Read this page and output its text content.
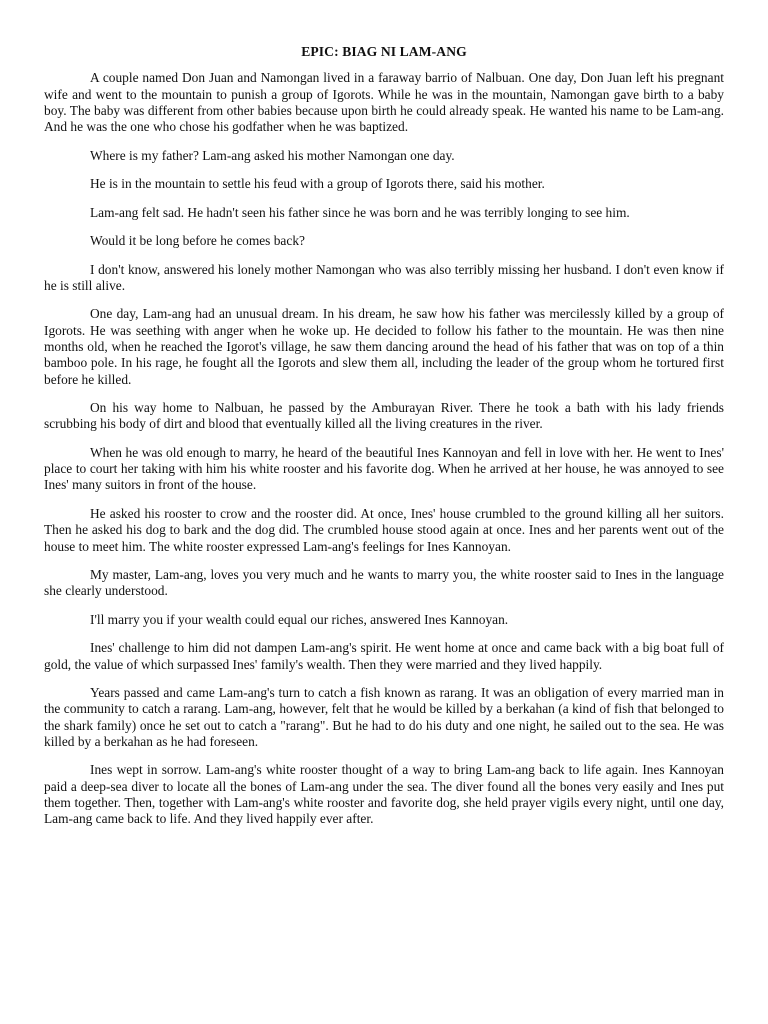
EPIC: BIAG NI LAM-ANG

A couple named Don Juan and Namongan lived in a faraway barrio of Nalbuan. One day, Don Juan left his pregnant wife and went to the mountain to punish a group of Igorots. While he was in the mountain, Namongan gave birth to a baby boy. The baby was different from other babies because upon birth he could already speak. He wanted his name to be Lam-ang. And he was the one who chose his godfather when he was baptized.

Where is my father? Lam-ang asked his mother Namongan one day.

He is in the mountain to settle his feud with a group of Igorots there, said his mother.

Lam-ang felt sad. He hadn't seen his father since he was born and he was terribly longing to see him.

Would it be long before he comes back?

I don't know, answered his lonely mother Namongan who was also terribly missing her husband. I don't even know if he is still alive.

One day, Lam-ang had an unusual dream. In his dream, he saw how his father was mercilessly killed by a group of Igorots. He was seething with anger when he woke up. He decided to follow his father to the mountain. He was then nine months old, when he reached the Igorot's village, he saw them dancing around the head of his father that was on top of a thin bamboo pole. In his rage, he fought all the Igorots and slew them all, including the leader of the group whom he tortured first before he killed.

On his way home to Nalbuan, he passed by the Amburayan River. There he took a bath with his lady friends scrubbing his body of dirt and blood that eventually killed all the living creatures in the river.

When he was old enough to marry, he heard of the beautiful Ines Kannoyan and fell in love with her. He went to Ines' place to court her taking with him his white rooster and his favorite dog. When he arrived at her house, he was annoyed to see Ines' many suitors in front of the house.

He asked his rooster to crow and the rooster did. At once, Ines' house crumbled to the ground killing all her suitors. Then he asked his dog to bark and the dog did. The crumbled house stood again at once. Ines and her parents went out of the house to meet him. The white rooster expressed Lam-ang's feelings for Ines Kannoyan.

My master, Lam-ang, loves you very much and he wants to marry you, the white rooster said to Ines in the language she clearly understood.

I'll marry you if your wealth could equal our riches, answered Ines Kannoyan.

Ines' challenge to him did not dampen Lam-ang's spirit. He went home at once and came back with a big boat full of gold, the value of which surpassed Ines' family's wealth. Then they were married and they lived happily.

Years passed and came Lam-ang's turn to catch a fish known as rarang. It was an obligation of every married man in the community to catch a rarang. Lam-ang, however, felt that he would be killed by a berkahan (a kind of fish that belonged to the shark family) once he set out to catch a "rarang". But he had to do his duty and one night, he sailed out to the sea. He was killed by a berkahan as he had foreseen.

Ines wept in sorrow. Lam-ang's white rooster thought of a way to bring Lam-ang back to life again. Ines Kannoyan paid a deep-sea diver to locate all the bones of Lam-ang under the sea. The diver found all the bones very easily and Ines put them together. Then, together with Lam-ang's white rooster and favorite dog, she held prayer vigils every night, until one day, Lam-ang came back to life. And they lived happily ever after.
